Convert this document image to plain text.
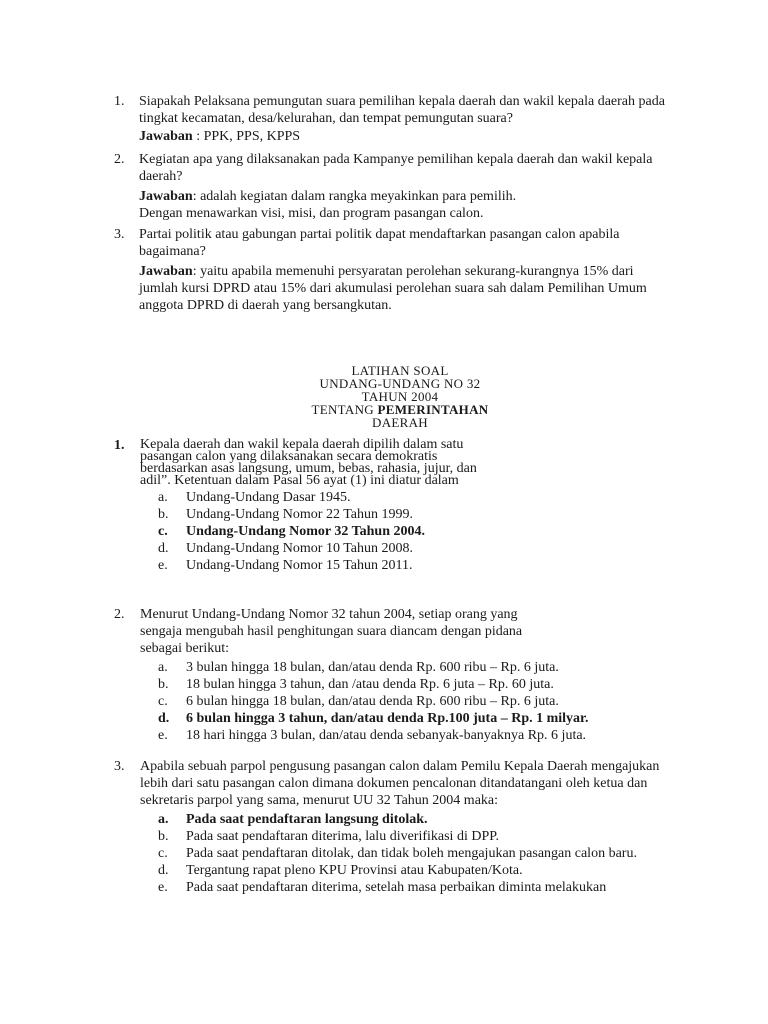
1. Siapakah Pelaksana pemungutan suara pemilihan kepala daerah dan wakil kepala daerah pada tingkat kecamatan, desa/kelurahan, dan tempat pemungutan suara?
Jawaban : PPK, PPS, KPPS
2. Kegiatan apa yang dilaksanakan pada Kampanye pemilihan kepala daerah dan wakil kepala daerah?
Jawaban: adalah kegiatan dalam rangka meyakinkan para pemilih.
Dengan menawarkan visi, misi, dan program pasangan calon.
3. Partai politik atau gabungan partai politik dapat mendaftarkan pasangan calon apabila bagaimana?
Jawaban: yaitu apabila memenuhi persyaratan perolehan sekurang-kurangnya 15% dari jumlah kursi DPRD atau 15% dari akumulasi perolehan suara sah dalam Pemilihan Umum anggota DPRD di daerah yang bersangkutan.
LATIHAN SOAL
UNDANG-UNDANG NO 32
TAHUN 2004
TENTANG PEMERINTAHAN
DAERAH
1. Kepala daerah dan wakil kepala daerah dipilih dalam satu pasangan calon yang dilaksanakan secara demokratis berdasarkan asas langsung, umum, bebas, rahasia, jujur, dan adil”. Ketentuan dalam Pasal 56 ayat (1) ini diatur dalam
a. Undang-Undang Dasar 1945.
b. Undang-Undang Nomor 22 Tahun 1999.
c. Undang-Undang Nomor 32 Tahun 2004.
d. Undang-Undang Nomor 10 Tahun 2008.
e. Undang-Undang Nomor 15 Tahun 2011.
2. Menurut Undang-Undang Nomor 32 tahun 2004, setiap orang yang sengaja mengubah hasil penghitungan suara diancam dengan pidana sebagai berikut:
a. 3 bulan hingga 18 bulan, dan/atau denda Rp. 600 ribu – Rp. 6 juta.
b. 18 bulan hingga 3 tahun, dan /atau denda Rp. 6 juta – Rp. 60 juta.
c. 6 bulan hingga 18 bulan, dan/atau denda Rp. 600 ribu – Rp. 6 juta.
d. 6 bulan hingga 3 tahun, dan/atau denda Rp.100 juta – Rp. 1 milyar.
e. 18 hari hingga 3 bulan, dan/atau denda sebanyak-banyaknya Rp. 6 juta.
3. Apabila sebuah parpol pengusung pasangan calon dalam Pemilu Kepala Daerah mengajukan lebih dari satu pasangan calon dimana dokumen pencalonan ditandatangani oleh ketua dan sekretaris parpol yang sama, menurut UU 32 Tahun 2004 maka:
a. Pada saat pendaftaran langsung ditolak.
b. Pada saat pendaftaran diterima, lalu diverifikasi di DPP.
c. Pada saat pendaftaran ditolak, dan tidak boleh mengajukan pasangan calon baru.
d. Tergantung rapat pleno KPU Provinsi atau Kabupaten/Kota.
e. Pada saat pendaftaran diterima, setelah masa perbaikan diminta melakukan
